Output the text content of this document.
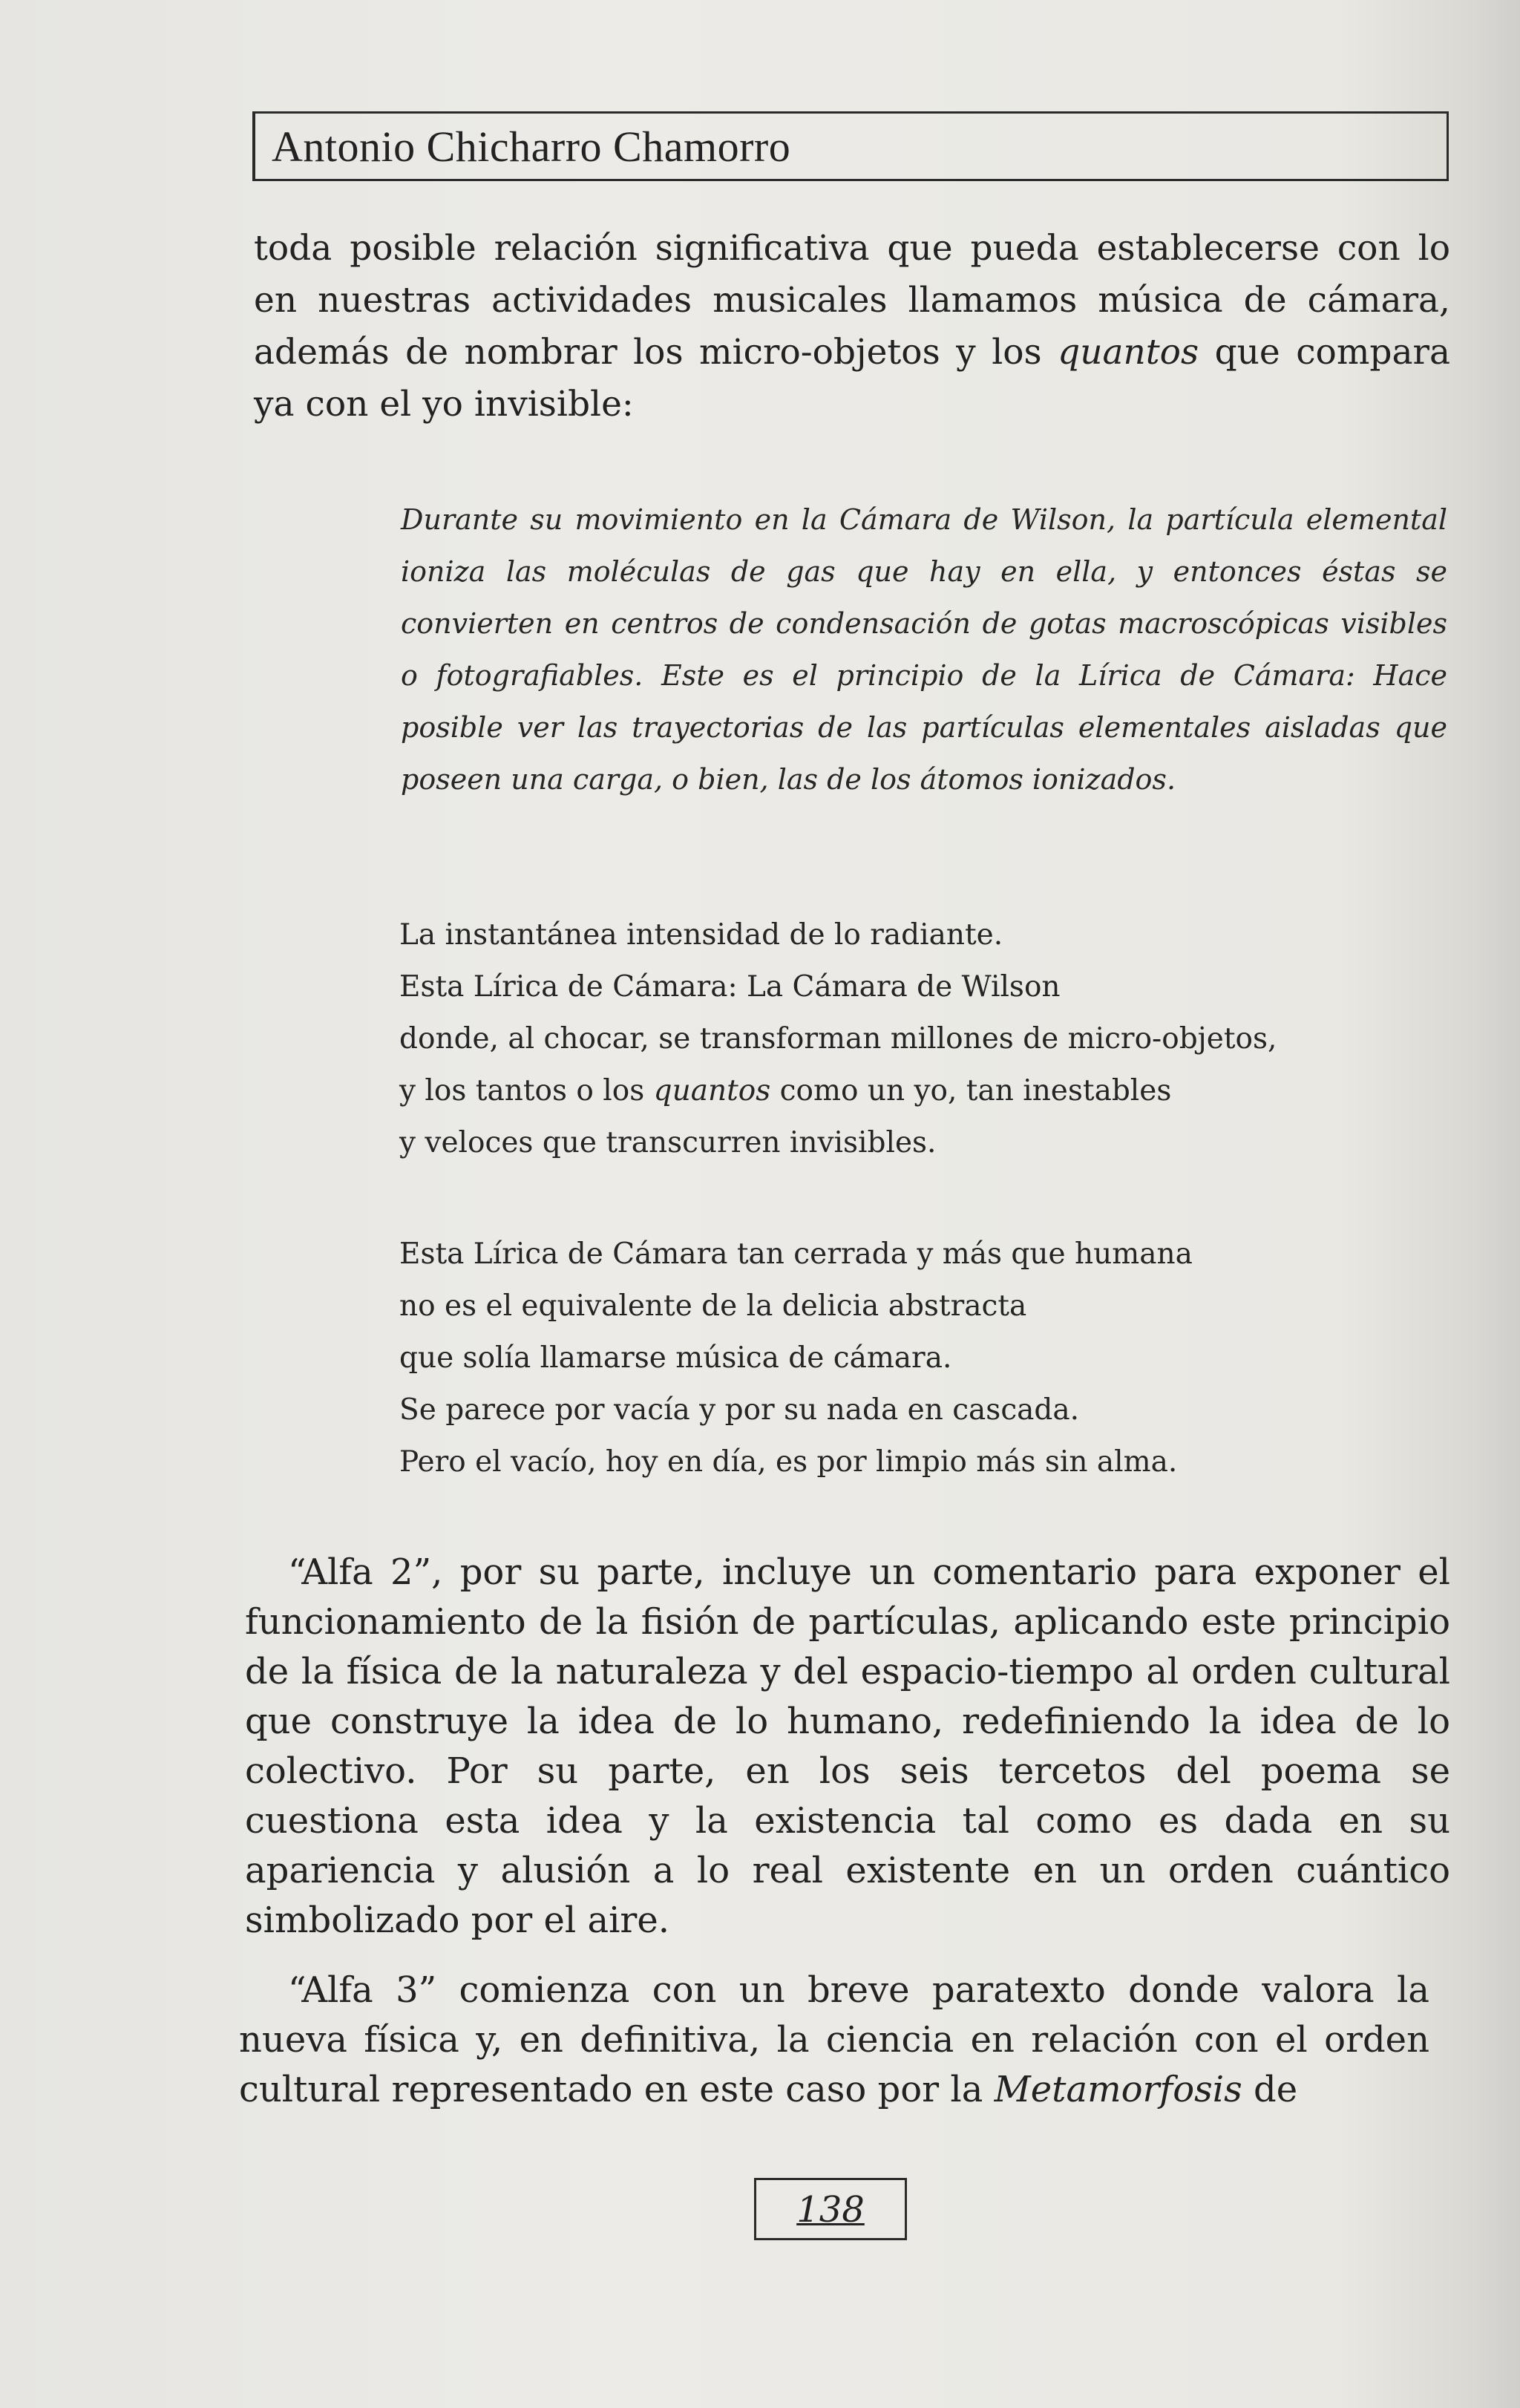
Antonio Chicharro Chamorro

toda posible relación significativa que pueda establecerse con lo en nuestras actividades musicales llamamos música de cámara, además de nombrar los micro-objetos y los quantos que compara ya con el yo invisible:

Durante su movimiento en la Cámara de Wilson, la partícula elemental ioniza las moléculas de gas que hay en ella, y entonces éstas se convierten en centros de condensación de gotas macroscópicas visibles o fotografiables. Este es el principio de la Lírica de Cámara: Hace posible ver las trayectorias de las partículas elementales aisladas que poseen una carga, o bien, las de los átomos ionizados.

La instantánea intensidad de lo radiante.
Esta Lírica de Cámara: La Cámara de Wilson
donde, al chocar, se transforman millones de micro-objetos,
y los tantos o los quantos como un yo, tan inestables
y veloces que transcurren invisibles.
Esta Lírica de Cámara tan cerrada y más que humana
no es el equivalente de la delicia abstracta
que solía llamarse música de cámara.
Se parece por vacía y por su nada en cascada.
Pero el vacío, hoy en día, es por limpio más sin alma.

“Alfa 2”, por su parte, incluye un comentario para exponer el funcionamiento de la fisión de partículas, aplicando este principio de la física de la naturaleza y del espacio-tiempo al orden cultural que construye la idea de lo humano, redefiniendo la idea de lo colectivo. Por su parte, en los seis tercetos del poema se cuestiona esta idea y la existencia tal como es dada en su apariencia y alusión a lo real existente en un orden cuántico simbolizado por el aire.

“Alfa 3” comienza con un breve paratexto donde valora la nueva física y, en definitiva, la ciencia en relación con el orden cultural representado en este caso por la Metamorfosis de

138
